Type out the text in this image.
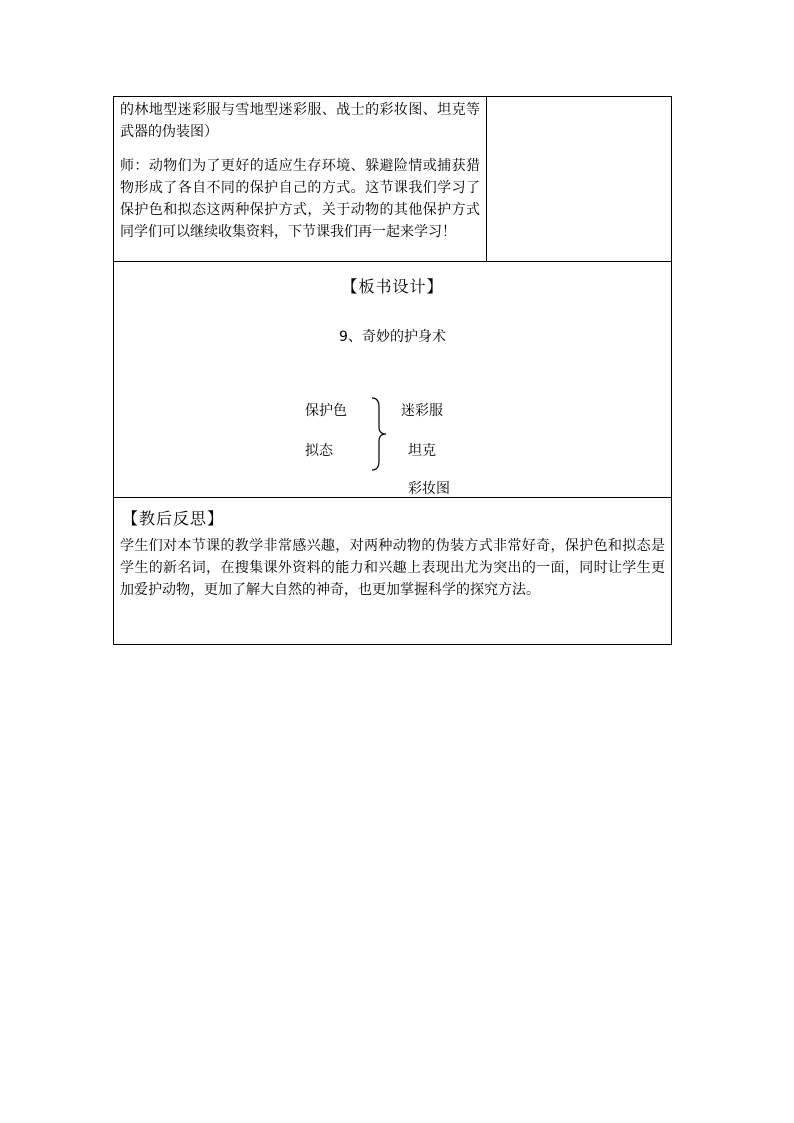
的林地型迷彩服与雪地型迷彩服、战士的彩妆图、坦克等武器的伪装图）

师：动物们为了更好的适应生存环境、躲避险情或捕获猎物形成了各自不同的保护自己的方式。这节课我们学习了保护色和拟态这两种保护方式，关于动物的其他保护方式同学们可以继续收集资料，下节课我们再一起来学习！

【板书设计】
9、奇妙的护身术
保护色
拟态
迷彩服
坦克
彩妆图
【教后反思】

学生们对本节课的教学非常感兴趣，对两种动物的伪装方式非常好奇，保护色和拟态是学生的新名词，在搜集课外资料的能力和兴趣上表现出尤为突出的一面，同时让学生更加爱护动物，更加了解大自然的神奇，也更加掌握科学的探究方法。
